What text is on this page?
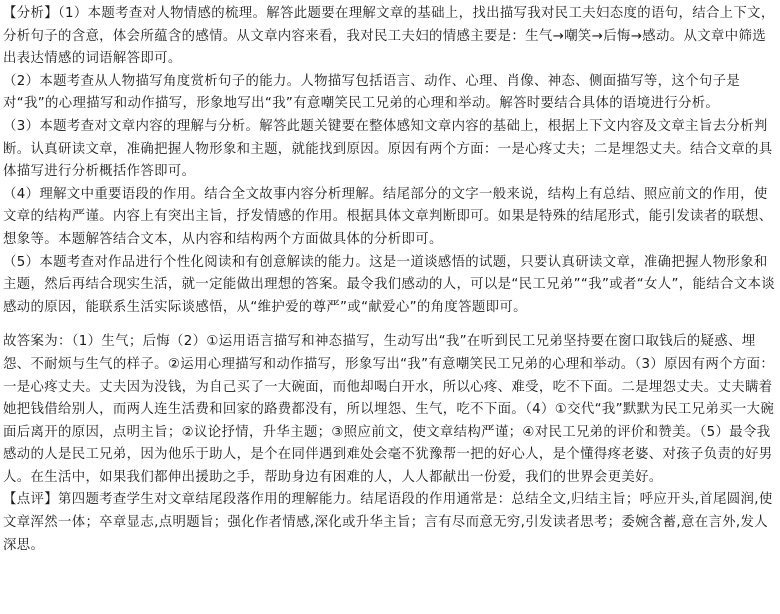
【分析】（1）本题考查对人物情感的梳理。解答此题要在理解文章的基础上，找出描写我对民工夫妇态度的语句，结合上下文，分析句子的含意，体会所蕴含的感情。从文章内容来看，我对民工夫妇的情感主要是：生气→嘲笑→后悔→感动。从文章中筛选出表达情感的词语解答即可。

（2）本题考查从人物描写角度赏析句子的能力。人物描写包括语言、动作、心理、肖像、神态、侧面描写等，这个句子是对“我”的心理描写和动作描写，形象地写出“我”有意嘲笑民工兄弟的心理和举动。解答时要结合具体的语境进行分析。

（3）本题考查对文章内容的理解与分析。解答此题关键要在整体感知文章内容的基础上，根据上下文内容及文章主旨去分析判断。认真研读文章，准确把握人物形象和主题，就能找到原因。原因有两个方面：一是心疼丈夫；二是埋怨丈夫。结合文章的具体描写进行分析概括作答即可。

（4）理解文中重要语段的作用。结合全文故事内容分析理解。结尾部分的文字一般来说，结构上有总结、照应前文的作用，使文章的结构严谨。内容上有突出主旨，抒发情感的作用。根据具体文章判断即可。如果是特殊的结尾形式，能引发读者的联想、想象等。本题解答结合文本，从内容和结构两个方面做具体的分析即可。

（5）本题考查对作品进行个性化阅读和有创意解读的能力。这是一道谈感悟的试题，只要认真研读文章，准确把握人物形象和主题，然后再结合现实生活，就一定能做出理想的答案。最令我们感动的人，可以是“民工兄弟”“我”或者“女人”，能结合文本谈感动的原因，能联系生活实际谈感悟，从“维护爱的尊严”或“献爱心”的角度答题即可。

故答案为：（1）生气；后悔（2）①运用语言描写和神态描写，生动写出“我”在听到民工兄弟坚持要在窗口取钱后的疑惑、埋怨、不耐烦与生气的样子。②运用心理描写和动作描写，形象写出“我”有意嘲笑民工兄弟的心理和举动。（3）原因有两个方面：一是心疼丈夫。丈夫因为没钱，为自己买了一大碗面，而他却喝白开水，所以心疼、难受，吃不下面。二是埋怨丈夫。丈夫瞒着她把钱借给别人，而两人连生活费和回家的路费都没有，所以埋怨、生气，吃不下面。（4）①交代“我”默默为民工兄弟买一大碗面后离开的原因，点明主旨；②议论抒情，升华主题；③照应前文，使文章结构严谨；④对民工兄弟的评价和赞美。（5）最令我感动的人是民工兄弟，因为他乐于助人，是个在同伴遇到难处会毫不犹豫帮一把的好心人，是个懂得疼老婆、对孩子负责的好男人。在生活中，如果我们都伸出援助之手，帮助身边有困难的人，人人都献出一份爱，我们的世界会更美好。

【点评】第四题考查学生对文章结尾段落作用的理解能力。结尾语段的作用通常是：总结全文,归结主旨；呼应开头,首尾圆润,使文章浑然一体；卒章显志,点明题旨；强化作者情感,深化或升华主旨；言有尽而意无穷,引发读者思考；委婉含蓄,意在言外,发人深思。
